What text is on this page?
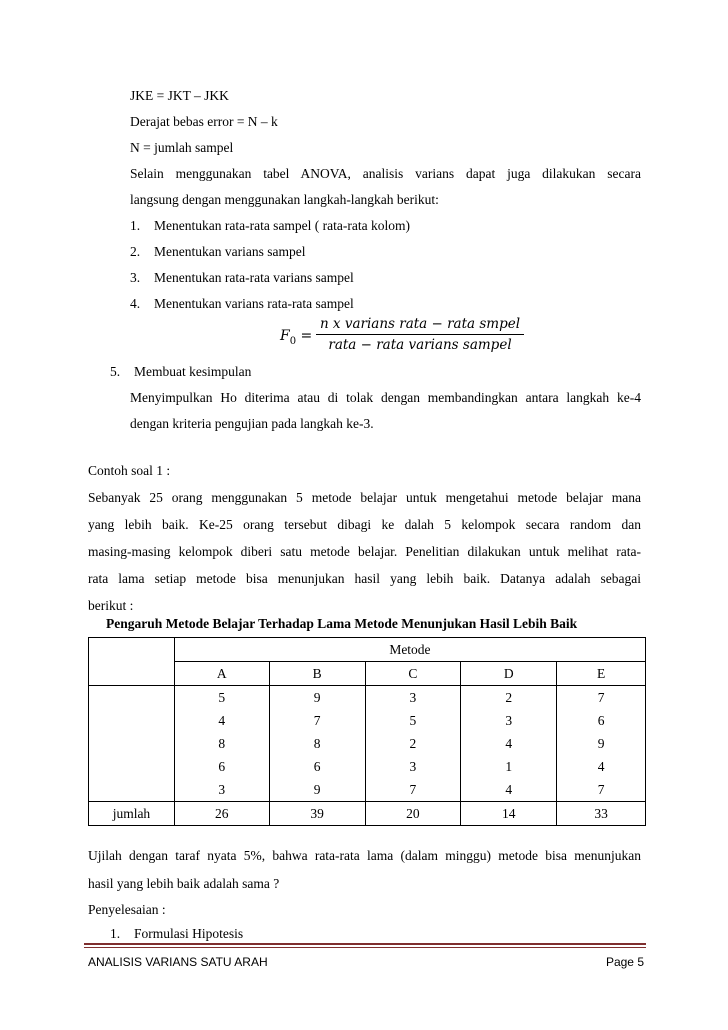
JKE = JKT – JKK
Derajat bebas error = N – k
N = jumlah sampel
Selain menggunakan tabel ANOVA, analisis varians dapat juga dilakukan secara
langsung dengan menggunakan langkah-langkah berikut:
1. Menentukan rata-rata sampel ( rata-rata kolom)
2. Menentukan varians sampel
3. Menentukan rata-rata varians sampel
4. Menentukan varians rata-rata sampel
$F_0$ =
n x varians rata − rata smpel
rata − rata varians sampel
5. Membuat kesimpulan
Menyimpulkan Ho diterima atau di tolak dengan membandingkan antara langkah ke-4
dengan kriteria pengujian pada langkah ke-3.
Contoh soal 1 :
Sebanyak 25 orang menggunakan 5 metode belajar untuk mengetahui metode belajar mana
yang lebih baik. Ke-25 orang tersebut dibagi ke dalah 5 kelompok secara random dan
masing-masing kelompok diberi satu metode belajar. Penelitian dilakukan untuk melihat rata-
rata lama setiap metode bisa menunjukan hasil yang lebih baik. Datanya adalah sebagai
berikut :
Pengaruh Metode Belajar Terhadap Lama Metode Menunjukan Hasil Lebih Baik
	Metode				
	A	B	C	D	E
	5	9	3	2	7
	4	7	5	3	6
	8	8	2	4	9
	6	6	3	1	4
	3	9	7	4	7
jumlah	26	39	20	14	33
Ujilah dengan taraf nyata 5%, bahwa rata-rata lama (dalam minggu) metode bisa menunjukan
hasil yang lebih baik adalah sama ?
Penyelesaian :
1. Formulasi Hipotesis
ANALISIS VARIANS SATU ARAH	Page 5
